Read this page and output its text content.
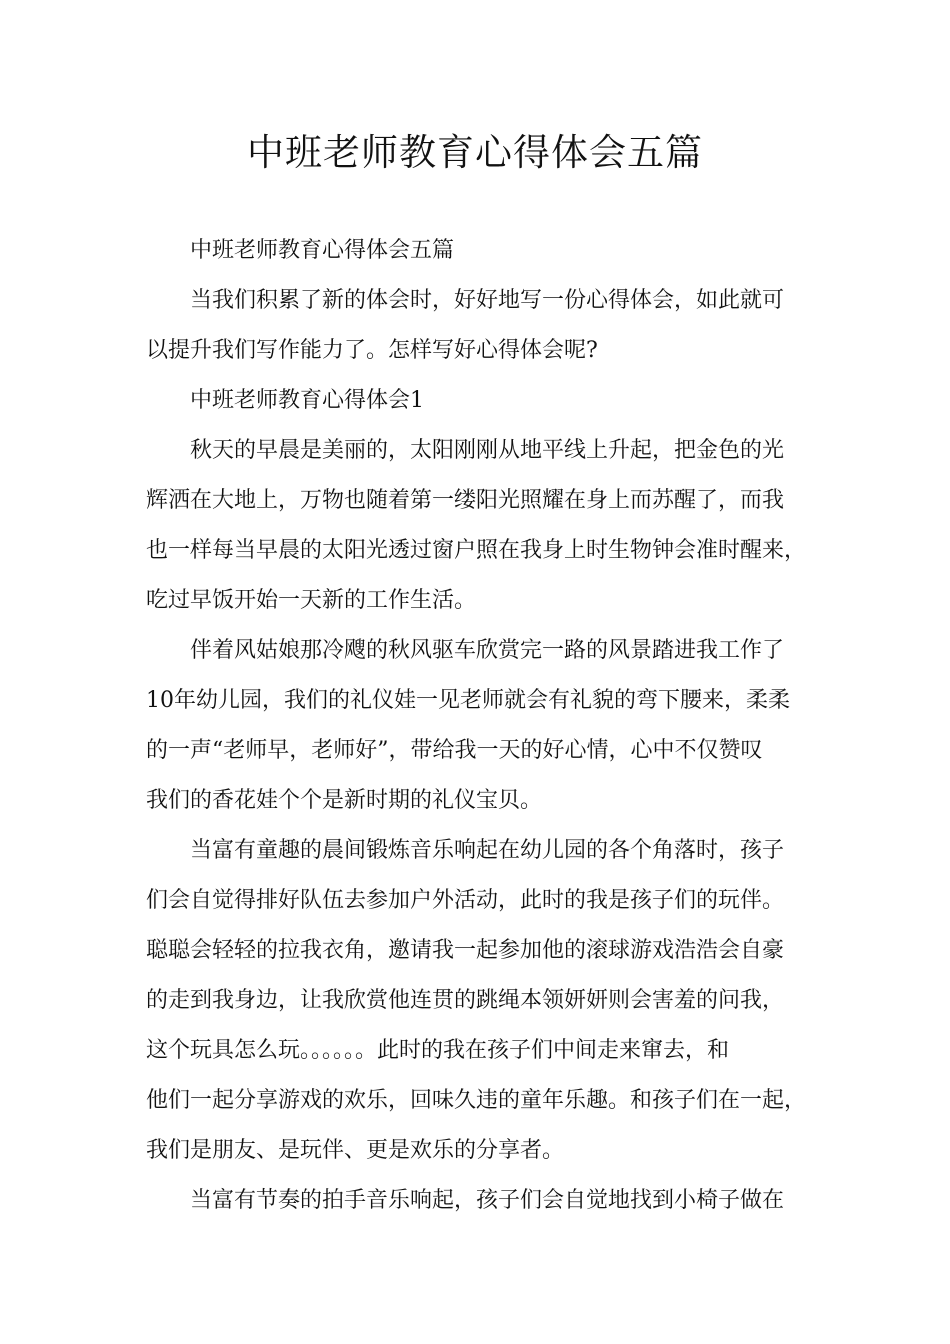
中班老师教育心得体会五篇
中班老师教育心得体会五篇
当我们积累了新的体会时，好好地写一份心得体会，如此就可
以提升我们写作能力了。怎样写好心得体会呢?
中班老师教育心得体会1
秋天的早晨是美丽的，太阳刚刚从地平线上升起，把金色的光
辉洒在大地上，万物也随着第一缕阳光照耀在身上而苏醒了，而我
也一样每当早晨的太阳光透过窗户照在我身上时生物钟会准时醒来，
吃过早饭开始一天新的工作生活。
伴着风姑娘那冷飕的秋风驱车欣赏完一路的风景踏进我工作了
10年幼儿园，我们的礼仪娃一见老师就会有礼貌的弯下腰来，柔柔
的一声“老师早，老师好”，带给我一天的好心情，心中不仅赞叹
我们的香花娃个个是新时期的礼仪宝贝。
当富有童趣的晨间锻炼音乐响起在幼儿园的各个角落时，孩子
们会自觉得排好队伍去参加户外活动，此时的我是孩子们的玩伴。
聪聪会轻轻的拉我衣角，邀请我一起参加他的滚球游戏浩浩会自豪
的走到我身边，让我欣赏他连贯的跳绳本领妍妍则会害羞的问我，
这个玩具怎么玩。。。。。。此时的我在孩子们中间走来窜去，和
他们一起分享游戏的欢乐，回味久违的童年乐趣。和孩子们在一起，
我们是朋友、是玩伴、更是欢乐的分享者。
当富有节奏的拍手音乐响起，孩子们会自觉地找到小椅子做在
